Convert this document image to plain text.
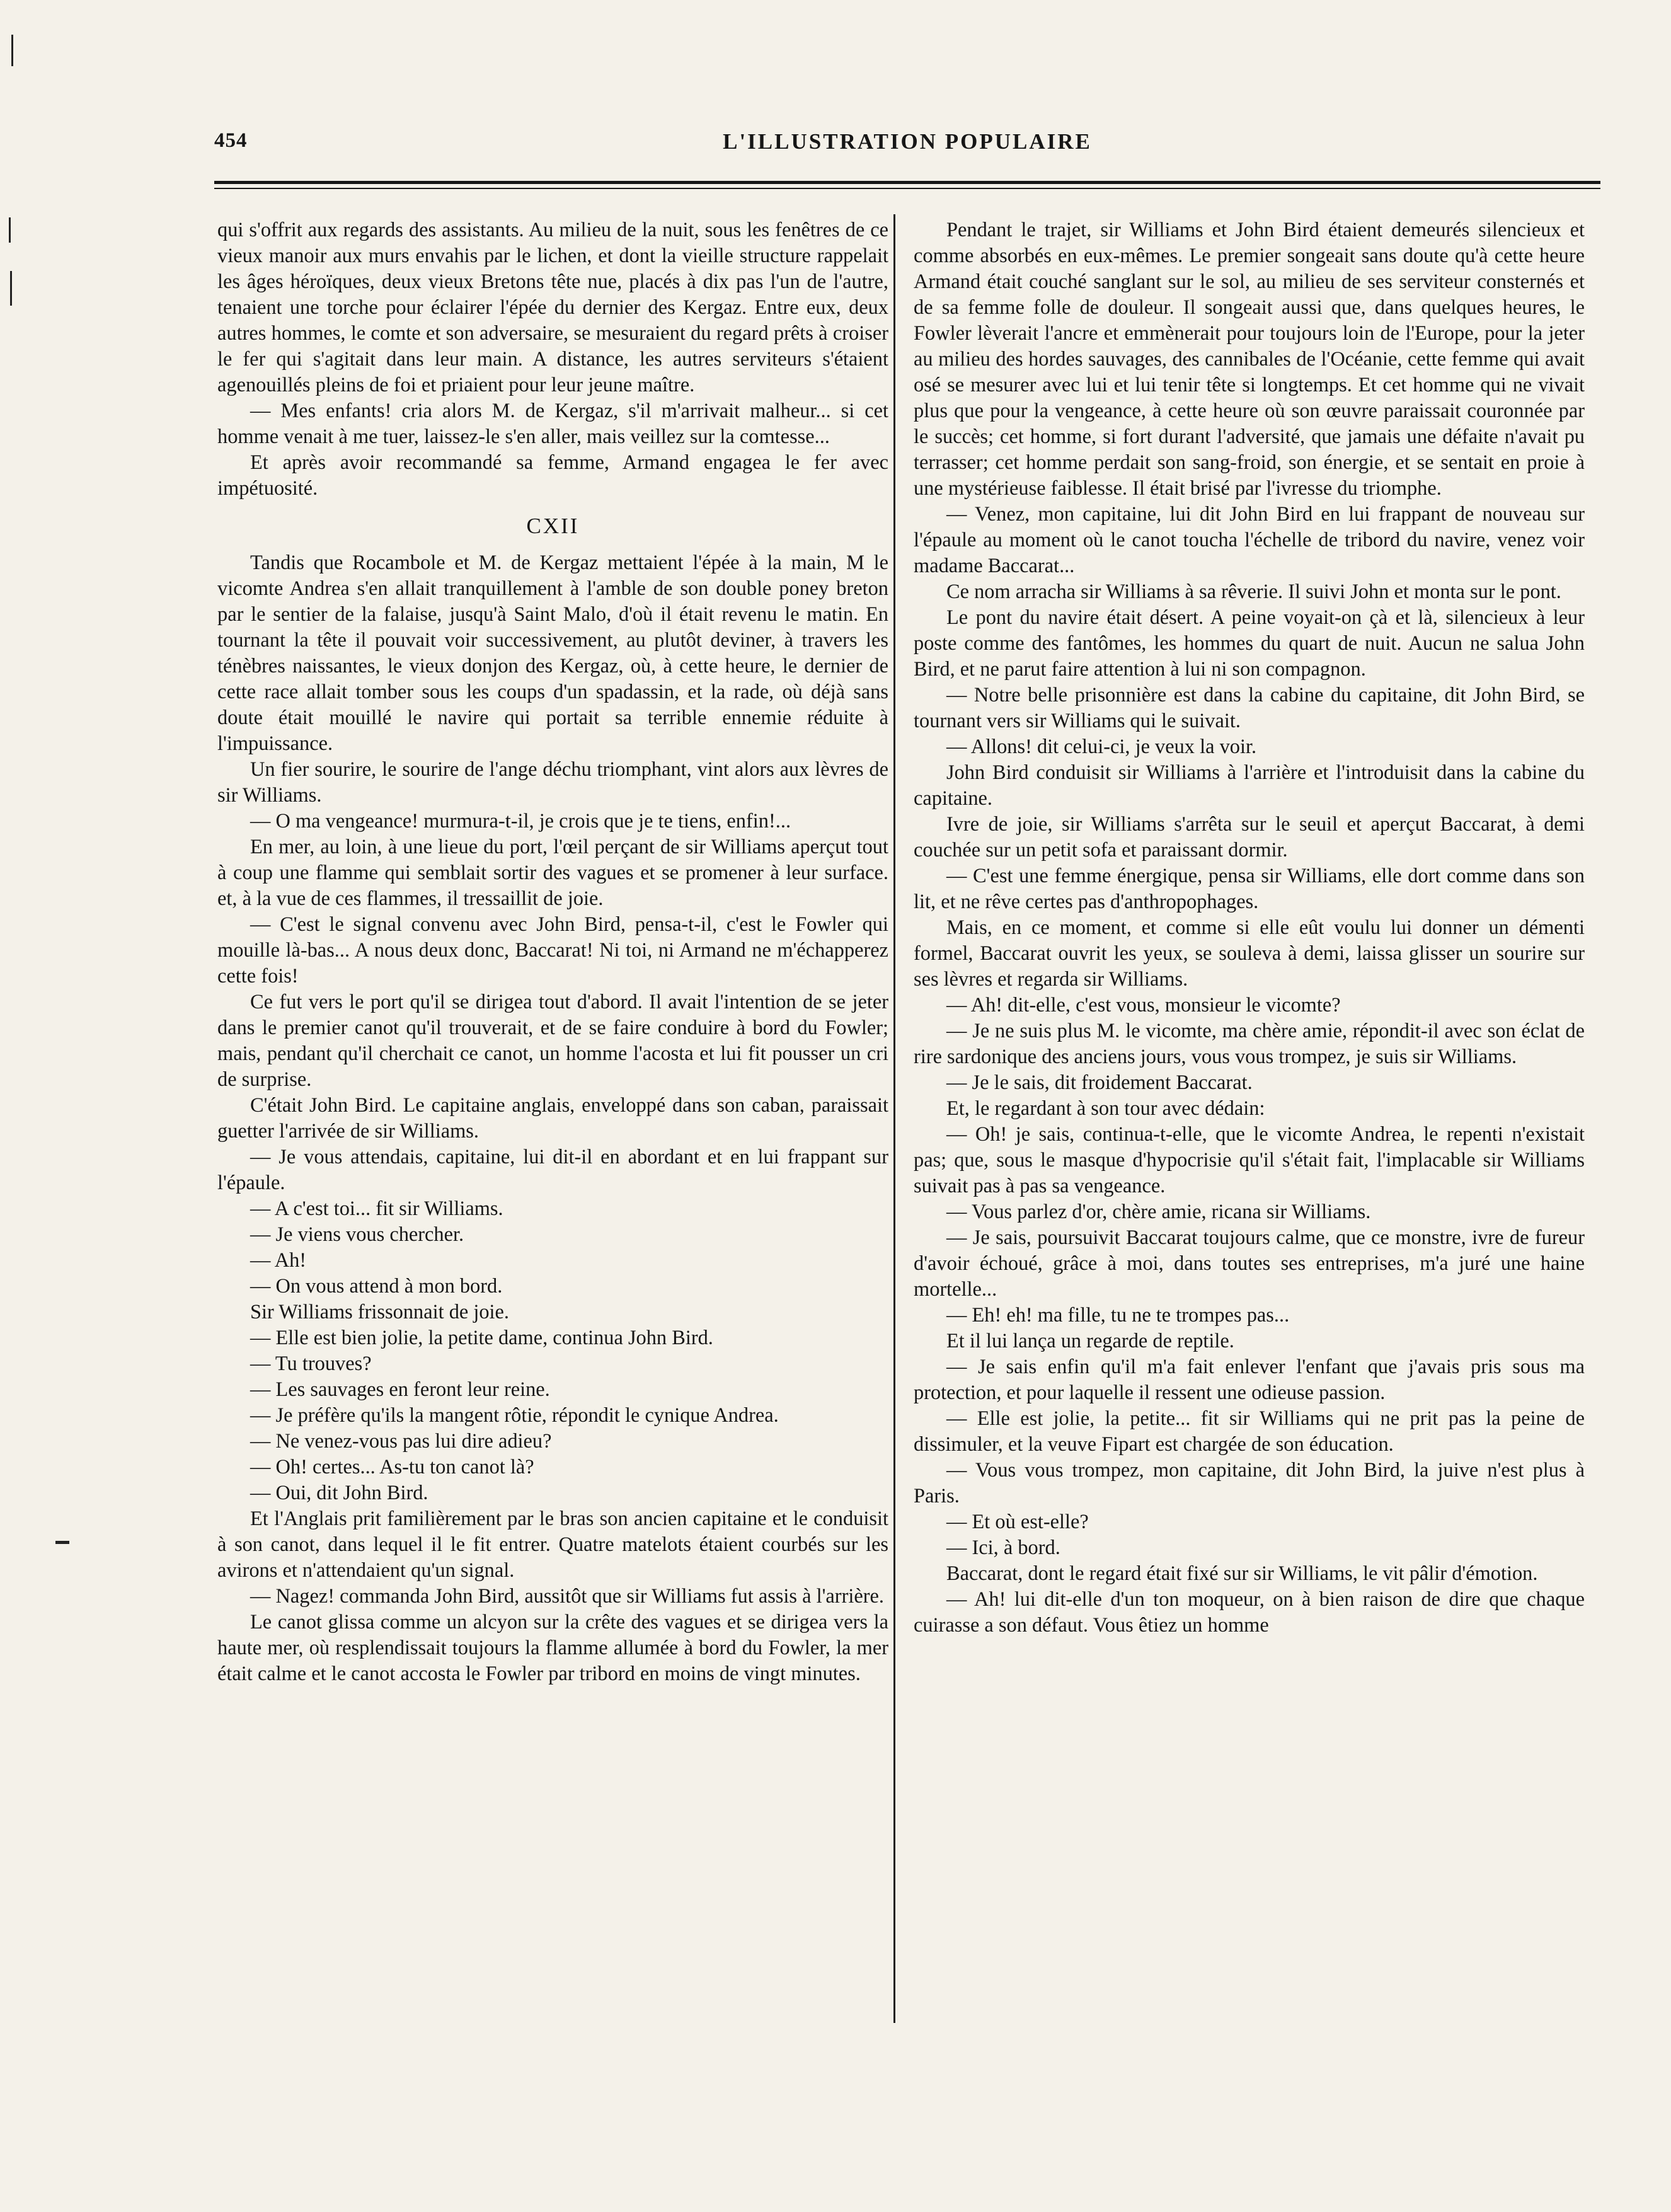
454	L'ILLUSTRATION POPULAIRE

qui s'offrit aux regards des assistants. Au milieu de la nuit, sous les fenêtres de ce vieux manoir aux murs envahis par le lichen, et dont la vieille structure rappelait les âges héroïques, deux vieux Bretons tête nue, placés à dix pas l'un de l'autre, tenaient une torche pour éclairer l'épée du dernier des Kergaz. Entre eux, deux autres hommes, le comte et son adversaire, se mesuraient du regard prêts à croiser le fer qui s'agitait dans leur main. A distance, les autres serviteurs s'étaient agenouillés pleins de foi et priaient pour leur jeune maître.

— Mes enfants! cria alors M. de Kergaz, s'il m'arrivait malheur... si cet homme venait à me tuer, laissez-le s'en aller, mais veillez sur la comtesse...

Et après avoir recommandé sa femme, Armand engagea le fer avec impétuosité.

CXII

Tandis que Rocambole et M. de Kergaz mettaient l'épée à la main, M le vicomte Andrea s'en allait tranquillement à l'amble de son double poney breton par le sentier de la falaise, jusqu'à Saint Malo, d'où il était revenu le matin. En tournant la tête il pouvait voir successivement, au plutôt deviner, à travers les ténèbres naissantes, le vieux donjon des Kergaz, où, à cette heure, le dernier de cette race allait tomber sous les coups d'un spadassin, et la rade, où déjà sans doute était mouillé le navire qui portait sa terrible ennemie réduite à l'impuissance.

Un fier sourire, le sourire de l'ange déchu triomphant, vint alors aux lèvres de sir Williams.

— O ma vengeance! murmura-t-il, je crois que je te tiens, enfin!...

En mer, au loin, à une lieue du port, l'œil perçant de sir Williams aperçut tout à coup une flamme qui semblait sortir des vagues et se promener à leur surface. et, à la vue de ces flammes, il tressaillit de joie.

— C'est le signal convenu avec John Bird, pensa-t-il, c'est le Fowler qui mouille là-bas... A nous deux donc, Baccarat! Ni toi, ni Armand ne m'échapperez cette fois!

Ce fut vers le port qu'il se dirigea tout d'abord. Il avait l'intention de se jeter dans le premier canot qu'il trouverait, et de se faire conduire à bord du Fowler; mais, pendant qu'il cherchait ce canot, un homme l'acosta et lui fit pousser un cri de surprise.

C'était John Bird. Le capitaine anglais, enveloppé dans son caban, paraissait guetter l'arrivée de sir Williams.

— Je vous attendais, capitaine, lui dit-il en abordant et en lui frappant sur l'épaule.

— A c'est toi... fit sir Williams.

— Je viens vous chercher.

— Ah!

— On vous attend à mon bord.

Sir Williams frissonnait de joie.

— Elle est bien jolie, la petite dame, continua John Bird.

— Tu trouves?

— Les sauvages en feront leur reine.

— Je préfère qu'ils la mangent rôtie, répondit le cynique Andrea.

— Ne venez-vous pas lui dire adieu?

— Oh! certes... As-tu ton canot là?

— Oui, dit John Bird.

Et l'Anglais prit familièrement par le bras son ancien capitaine et le conduisit à son canot, dans lequel il le fit entrer. Quatre matelots étaient courbés sur les avirons et n'attendaient qu'un signal.

— Nagez! commanda John Bird, aussitôt que sir Williams fut assis à l'arrière.

Le canot glissa comme un alcyon sur la crête des vagues et se dirigea vers la haute mer, où resplendissait toujours la flamme allumée à bord du Fowler, la mer était calme et le canot accosta le Fowler par tribord en moins de vingt minutes.

Pendant le trajet, sir Williams et John Bird étaient demeurés silencieux et comme absorbés en eux-mêmes. Le premier songeait sans doute qu'à cette heure Armand était couché sanglant sur le sol, au milieu de ses serviteur consternés et de sa femme folle de douleur. Il songeait aussi que, dans quelques heures, le Fowler lèverait l'ancre et emmènerait pour toujours loin de l'Europe, pour la jeter au milieu des hordes sauvages, des cannibales de l'Océanie, cette femme qui avait osé se mesurer avec lui et lui tenir tête si longtemps. Et cet homme qui ne vivait plus que pour la vengeance, à cette heure où son œuvre paraissait couronnée par le succès; cet homme, si fort durant l'adversité, que jamais une défaite n'avait pu terrasser; cet homme perdait son sang-froid, son énergie, et se sentait en proie à une mystérieuse faiblesse. Il était brisé par l'ivresse du triomphe.

— Venez, mon capitaine, lui dit John Bird en lui frappant de nouveau sur l'épaule au moment où le canot toucha l'échelle de tribord du navire, venez voir madame Baccarat...

Ce nom arracha sir Williams à sa rêverie. Il suivi John et monta sur le pont.

Le pont du navire était désert. A peine voyait-on çà et là, silencieux à leur poste comme des fantômes, les hommes du quart de nuit. Aucun ne salua John Bird, et ne parut faire attention à lui ni son compagnon.

— Notre belle prisonnière est dans la cabine du capitaine, dit John Bird, se tournant vers sir Williams qui le suivait.

— Allons! dit celui-ci, je veux la voir.

John Bird conduisit sir Williams à l'arrière et l'introduisit dans la cabine du capitaine.

Ivre de joie, sir Williams s'arrêta sur le seuil et aperçut Baccarat, à demi couchée sur un petit sofa et paraissant dormir.

— C'est une femme énergique, pensa sir Williams, elle dort comme dans son lit, et ne rêve certes pas d'anthropophages.

Mais, en ce moment, et comme si elle eût voulu lui donner un démenti formel, Baccarat ouvrit les yeux, se souleva à demi, laissa glisser un sourire sur ses lèvres et regarda sir Williams.

— Ah! dit-elle, c'est vous, monsieur le vicomte?

— Je ne suis plus M. le vicomte, ma chère amie, répondit-il avec son éclat de rire sardonique des anciens jours, vous vous trompez, je suis sir Williams.

— Je le sais, dit froidement Baccarat.

Et, le regardant à son tour avec dédain:

— Oh! je sais, continua-t-elle, que le vicomte Andrea, le repenti n'existait pas; que, sous le masque d'hypocrisie qu'il s'était fait, l'implacable sir Williams suivait pas à pas sa vengeance.

— Vous parlez d'or, chère amie, ricana sir Williams.

— Je sais, poursuivit Baccarat toujours calme, que ce monstre, ivre de fureur d'avoir échoué, grâce à moi, dans toutes ses entreprises, m'a juré une haine mortelle...

— Eh! eh! ma fille, tu ne te trompes pas...

Et il lui lança un regarde de reptile.

— Je sais enfin qu'il m'a fait enlever l'enfant que j'avais pris sous ma protection, et pour laquelle il ressent une odieuse passion.

— Elle est jolie, la petite... fit sir Williams qui ne prit pas la peine de dissimuler, et la veuve Fipart est chargée de son éducation.

— Vous vous trompez, mon capitaine, dit John Bird, la juive n'est plus à Paris.

— Et où est-elle?

— Ici, à bord.

Baccarat, dont le regard était fixé sur sir Williams, le vit pâlir d'émotion.

— Ah! lui dit-elle d'un ton moqueur, on à bien raison de dire que chaque cuirasse a son défaut. Vous êtiez un homme
